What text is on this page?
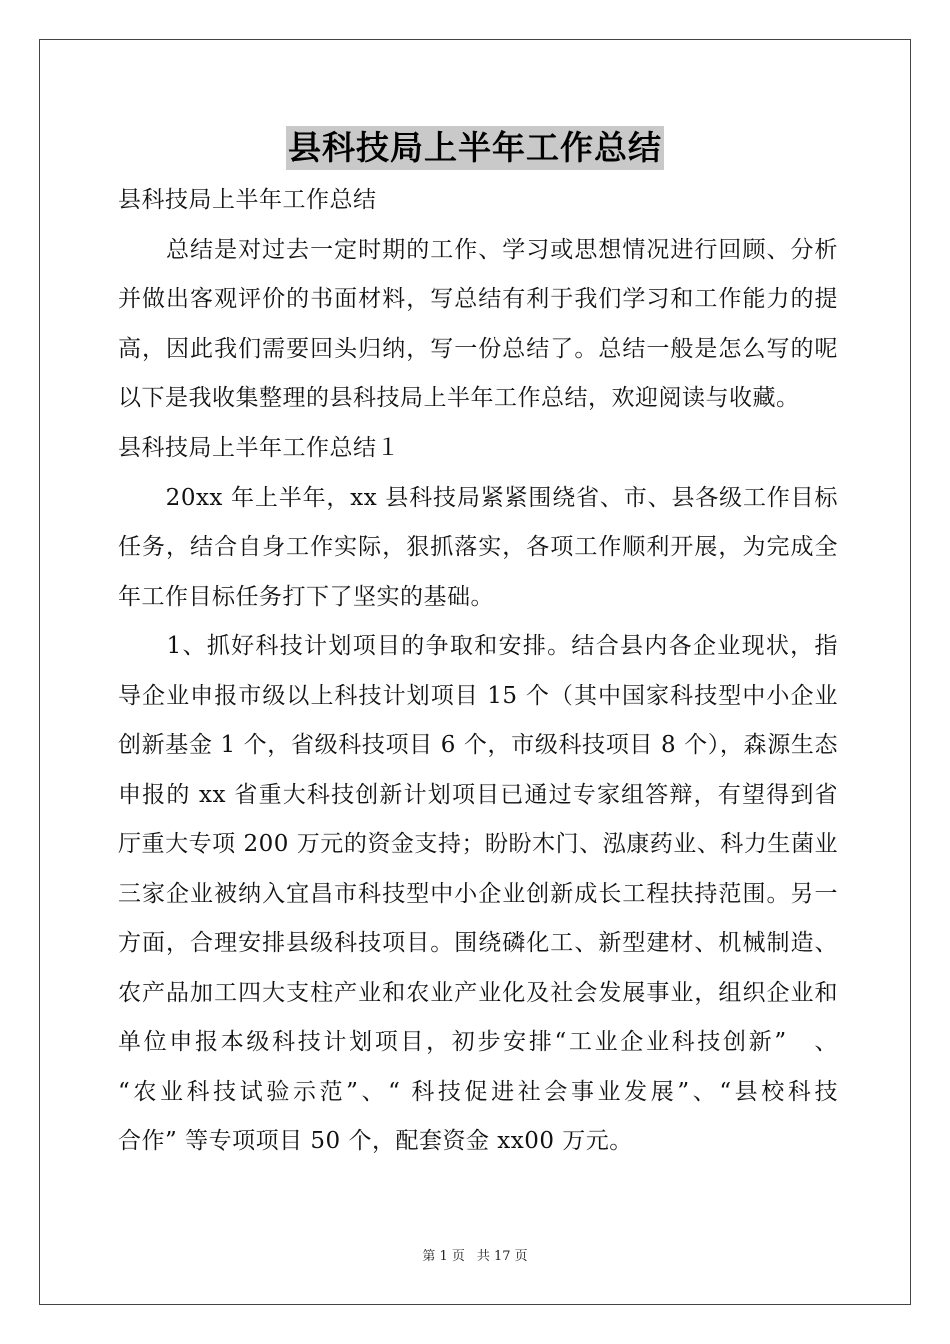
县科技局上半年工作总结
县科技局上半年工作总结
　　总结是对过去一定时期的工作、学习或思想情况进行回顾、分析
并做出客观评价的书面材料，写总结有利于我们学习和工作能力的提
高，因此我们需要回头归纳，写一份总结了。总结一般是怎么写的呢
以下是我收集整理的县科技局上半年工作总结，欢迎阅读与收藏。
县科技局上半年工作总结１
　　20xx 年上半年，xx 县科技局紧紧围绕省、市、县各级工作目标
任务，结合自身工作实际，狠抓落实，各项工作顺利开展，为完成全
年工作目标任务打下了坚实的基础。
　　1、抓好科技计划项目的争取和安排。结合县内各企业现状，指
导企业申报市级以上科技计划项目 15 个（其中国家科技型中小企业
创新基金 1 个，省级科技项目 6 个，市级科技项目 8 个），森源生态
申报的 xx 省重大科技创新计划项目已通过专家组答辩，有望得到省
厅重大专项 200 万元的资金支持；盼盼木门、泓康药业、科力生菌业
三家企业被纳入宜昌市科技型中小企业创新成长工程扶持范围。另一
方面，合理安排县级科技项目。围绕磷化工、新型建材、机械制造、
农产品加工四大支柱产业和农业产业化及社会发展事业，组织企业和
单位申报本级科技计划项目，初步安排“工业企业科技创新”　、
“农业科技试验示范”、“ 科技促进社会事业发展”、“县校科技
合作” 等专项项目 50 个，配套资金 xx00 万元。
第 1 页 共 17 页
